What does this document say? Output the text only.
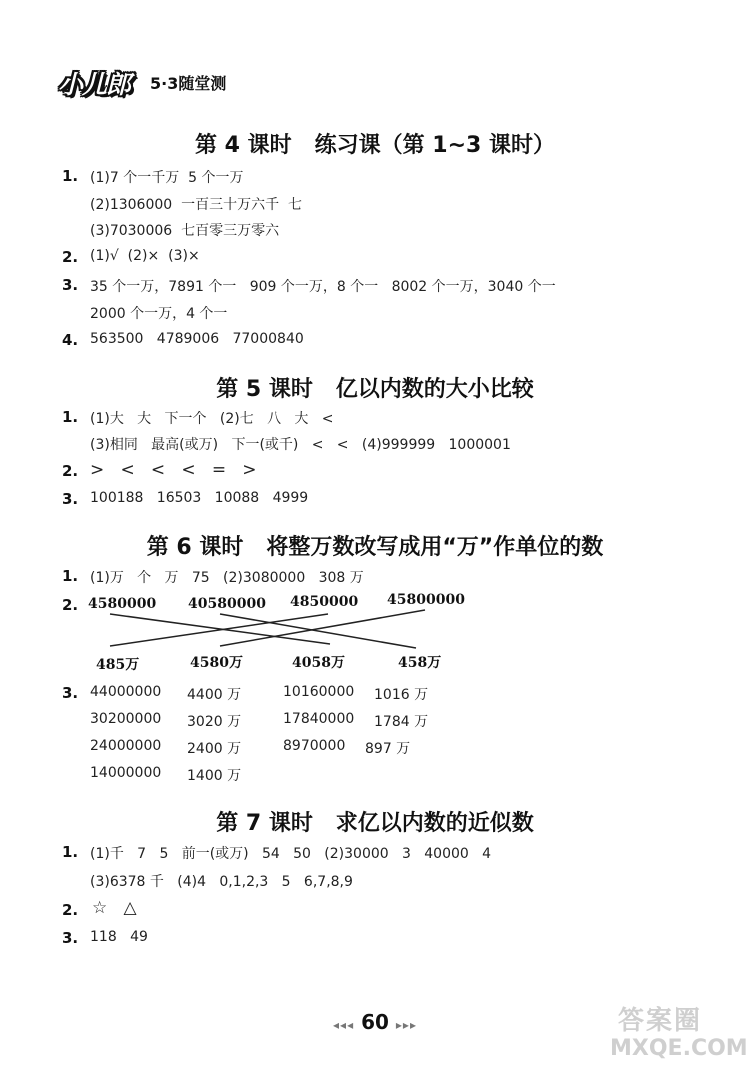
小儿郎 5·3随堂测
第 4 课时   练习课（第 1~3 课时）
1. (1)7 个一千万  5 个一万
(2)1306000  一百三十万六千  七
(3)7030006  七百零三万零六
2. (1)√  (2)×  (3)×
3. 35 个一万，7891 个一   909 个一万，8 个一   8002 个一万，3040 个一
2000 个一万，4 个一
4. 563500   4789006   77000840
第 5 课时   亿以内数的大小比较
1. (1)大   大   下一个   (2)七   八   大   <
(3)相同   最高(或万)   下一(或千)   <   <   (4)999999   1000001
2. >   <   <   <   =   >
3. 100188   16503   10088   4999
第 6 课时   将整万数改写成用“万”作单位的数
1. (1)万   个   万   75   (2)3080000   308 万
2. 4580000 40580000 4850000 45800000
485万	4580万	4058万	458万
3. 44000000 4400 万	10160000 1016 万
30200000 3020 万	17840000 1784 万
24000000 2400 万	8970000 897 万
14000000 1400 万
第 7 课时   求亿以内数的近似数
1. (1)千   7   5   前一(或万)   54   50   (2)30000   3   40000   4
(3)6378 千   (4)4   0,1,2,3   5   6,7,8,9
2. ☆   △
3. 118   49
◂◂◂ 60 ▸▸▸	答案圈
MXQE.COM
